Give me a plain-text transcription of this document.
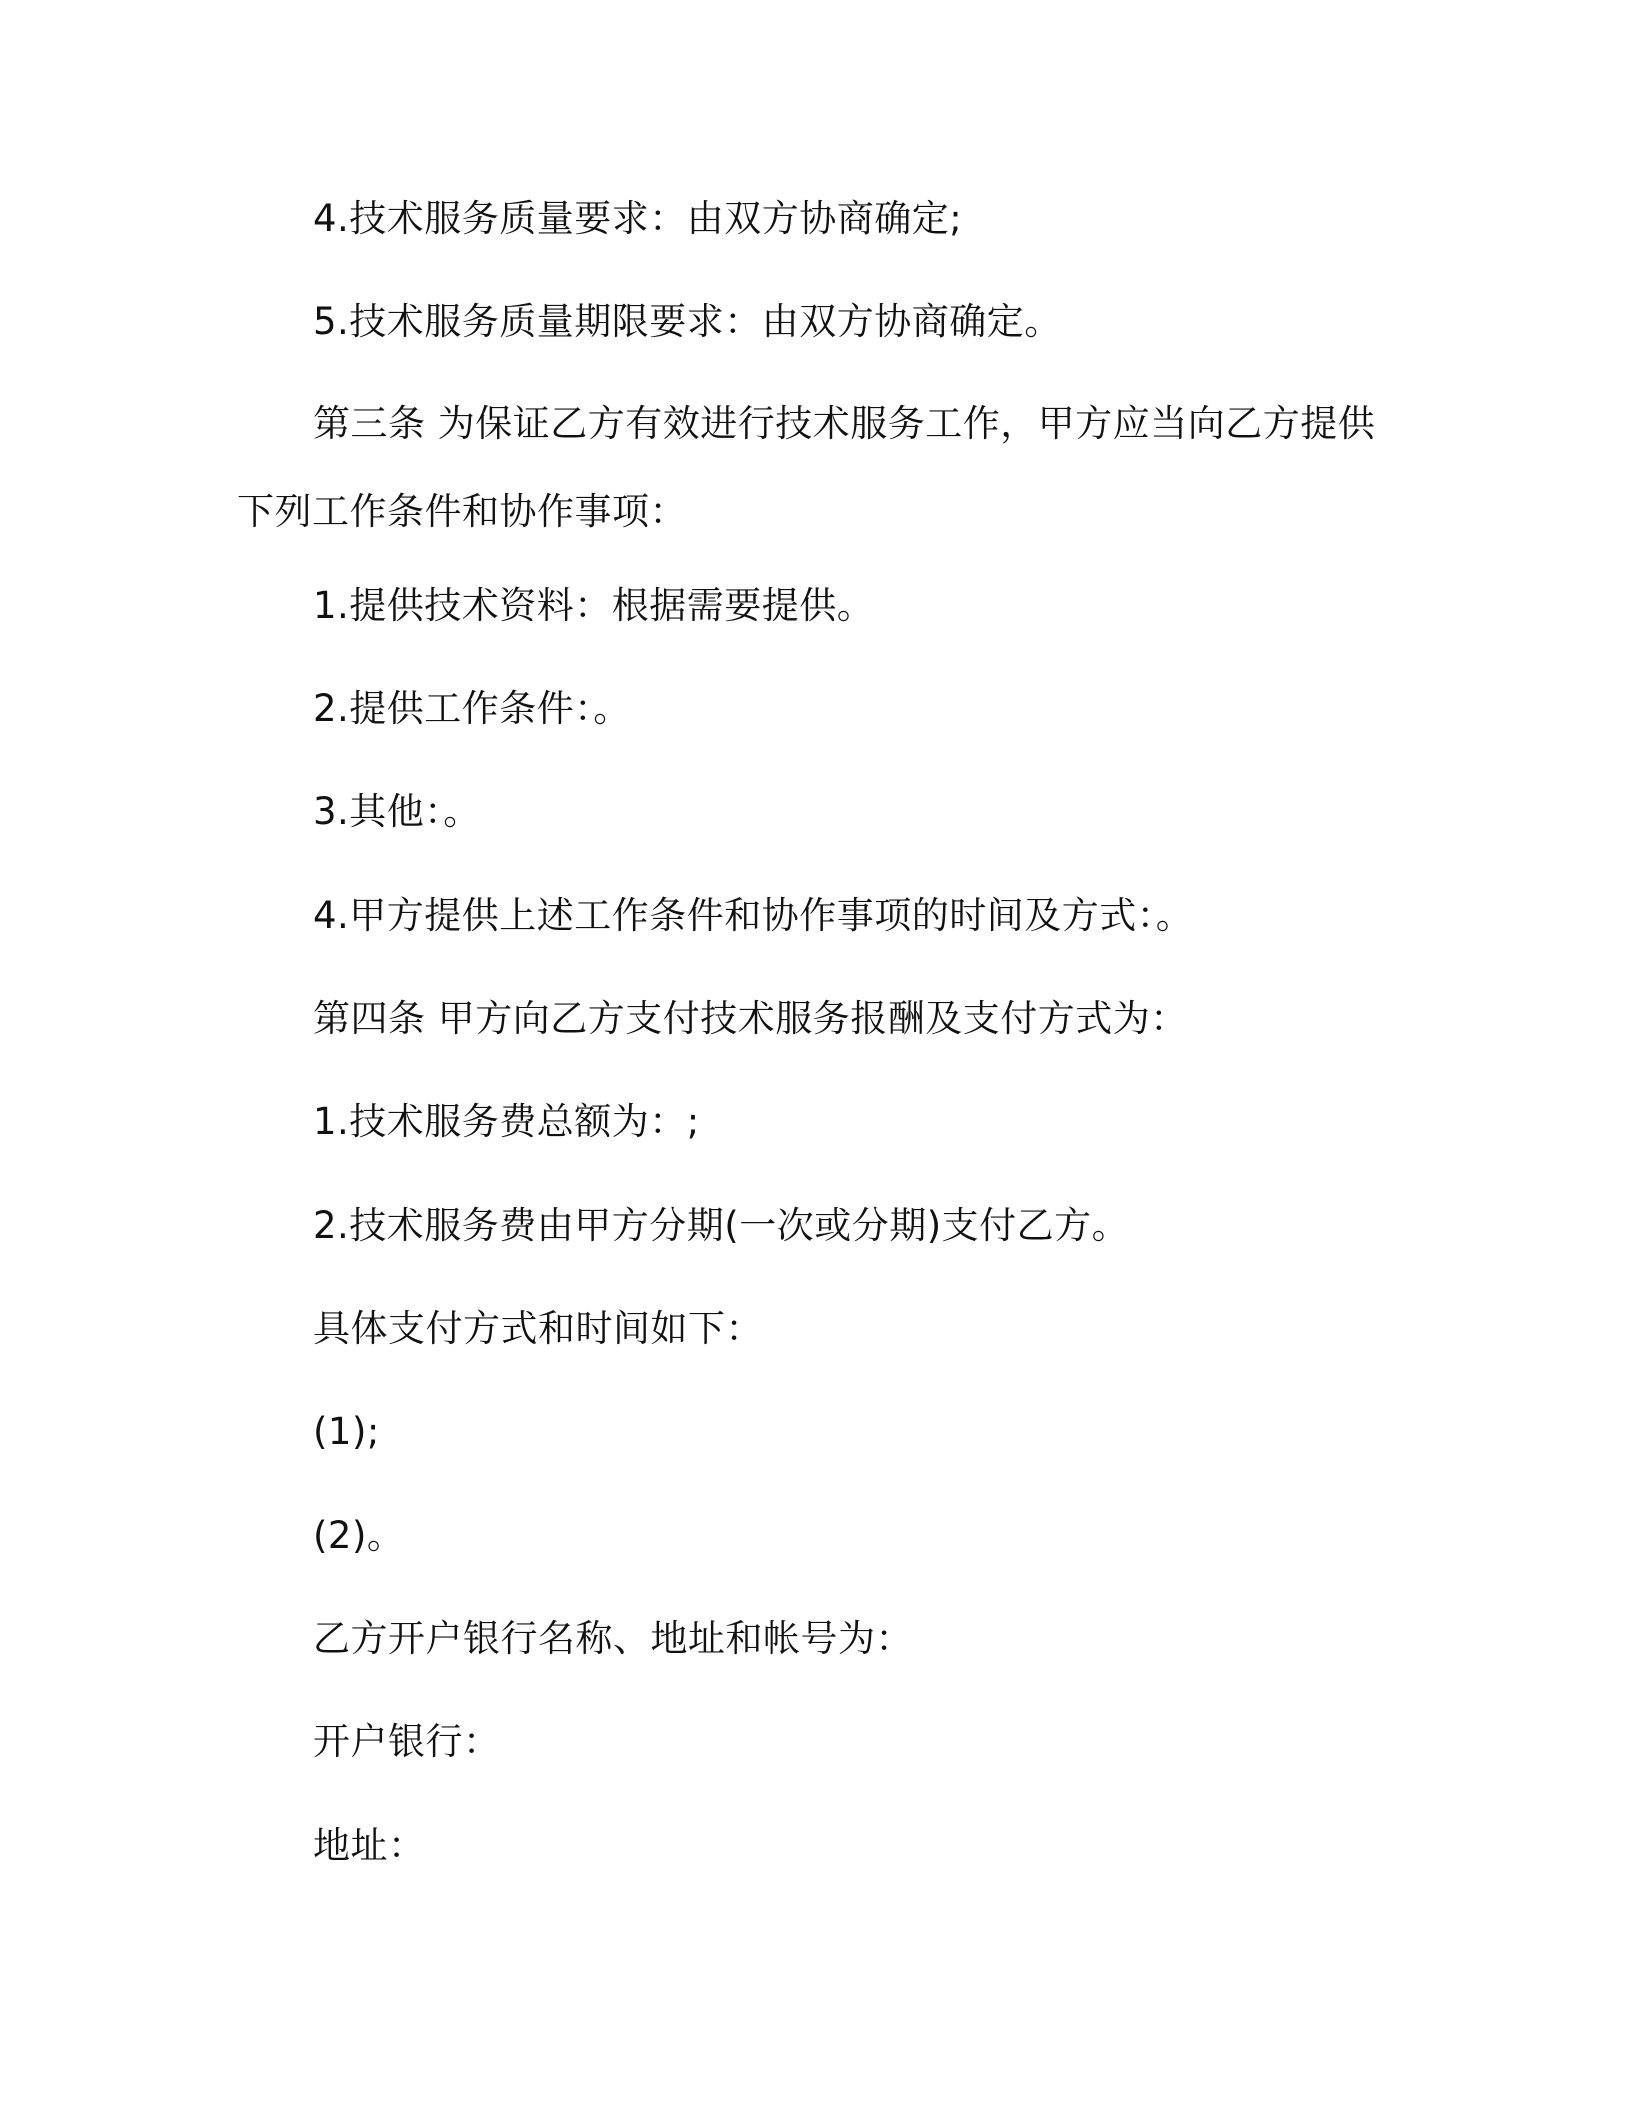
4.技术服务质量要求：由双方协商确定;
5.技术服务质量期限要求：由双方协商确定。
第三条 为保证乙方有效进行技术服务工作，甲方应当向乙方提供
下列工作条件和协作事项：
1.提供技术资料：根据需要提供。
2.提供工作条件：。
3.其他：。
4.甲方提供上述工作条件和协作事项的时间及方式：。
第四条 甲方向乙方支付技术服务报酬及支付方式为：
1.技术服务费总额为：;
2.技术服务费由甲方分期(一次或分期)支付乙方。
具体支付方式和时间如下：
(1);
(2)。
乙方开户银行名称、地址和帐号为：
开户银行：
地址：
